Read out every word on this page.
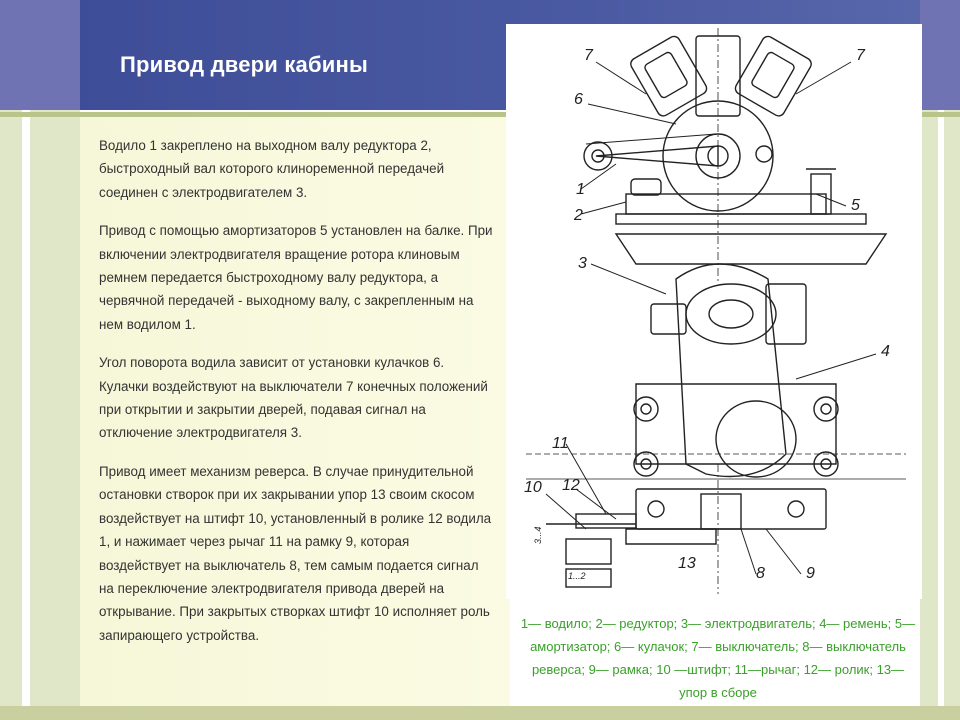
Привод двери кабины

Водило 1 закреплено на выходном валу редуктора 2, быстроходный вал которого клиноременной передачей соединен с электродвигателем 3.

Привод с помощью амортизаторов 5 установлен на балке. При включении электродвигателя вращение ротора клиновым ремнем передается быстроходному валу редуктора, а червячной передачей - выходному валу, с закрепленным на нем водилом 1.

Угол поворота водила зависит от установки кулачков 6. Кулачки воздействуют на выключатели 7 конечных положений при открытии и закрытии дверей, подавая сигнал на отключение электродвигателя 3.

Привод имеет механизм реверса. В случае принудительной остановки створок при их закрывании упор 13 своим скосом воздействует на штифт 10, установленный в ролике 12 водила 1, и нажимает через рычаг 11 на рамку 9, которая воздействует на выключатель 8, тем самым подается сигнал на переключение электродвигателя привода дверей на открывание. При закрытых створках штифт 10 исполняет роль запирающего устройства.

7	7
6
1
2
5
3
4
11
12
10
13
8	9
3...4
1...2
1— водило; 2— редуктор; 3— электродвигатель; 4— ремень; 5— амортизатор; 6— кулачок; 7— выключатель; 8— выключатель реверса; 9— рамка; 10 —штифт; 11—рычаг; 12— ролик; 13— упор в сборе
